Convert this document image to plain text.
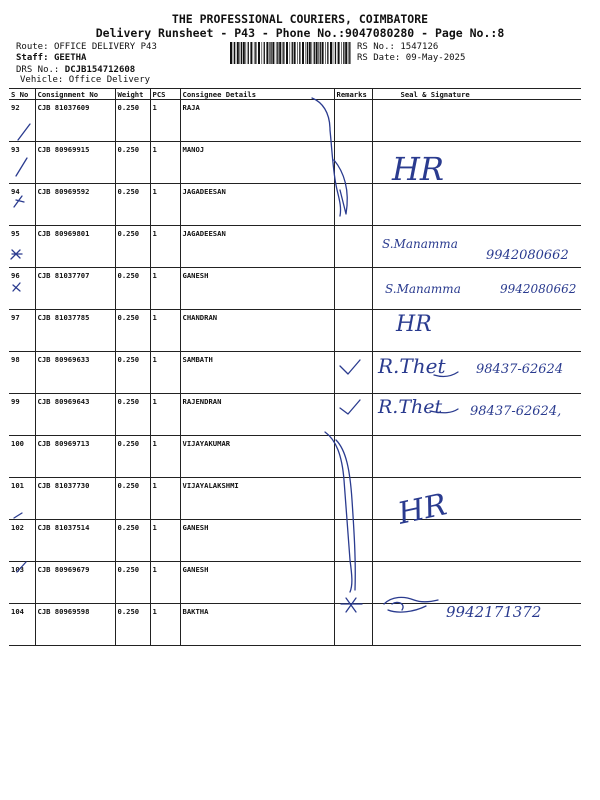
THE PROFESSIONAL COURIERS, COIMBATORE
Delivery Runsheet - P43 - Phone No.:9047080280 - Page No.:8
Route: OFFICE DELIVERY P43
Staff: GEETHA
DRS No.: DCJB154712608
Vehicle: Office Delivery
RS No.: 1547126
RS Date: 09-May-2025
S No	Consignment No	Weight	PCS	Consignee Details	Remarks	Seal & Signature
92	CJB 81037609	0.250	1	RAJA		
93	CJB 80969915	0.250	1	MANOJ		
94	CJB 80969592	0.250	1	JAGADEESAN		
95	CJB 80969801	0.250	1	JAGADEESAN		
96	CJB 81037707	0.250	1	GANESH		
97	CJB 81037785	0.250	1	CHANDRAN		
98	CJB 80969633	0.250	1	SAMBATH		
99	CJB 80969643	0.250	1	RAJENDRAN		
100	CJB 80969713	0.250	1	VIJAYAKUMAR		
101	CJB 81037730	0.250	1	VIJAYALAKSHMI		
102	CJB 81037514	0.250	1	GANESH		
103	CJB 80969679	0.250	1	GANESH		
104	CJB 80969598	0.250	1	BAKTHA		
HR
S.Manamma
9942080662
S.Manamma	9942080662
HR
R.Thet 98437-62624
R.Thet 98437-62624,
HR
9942171372
